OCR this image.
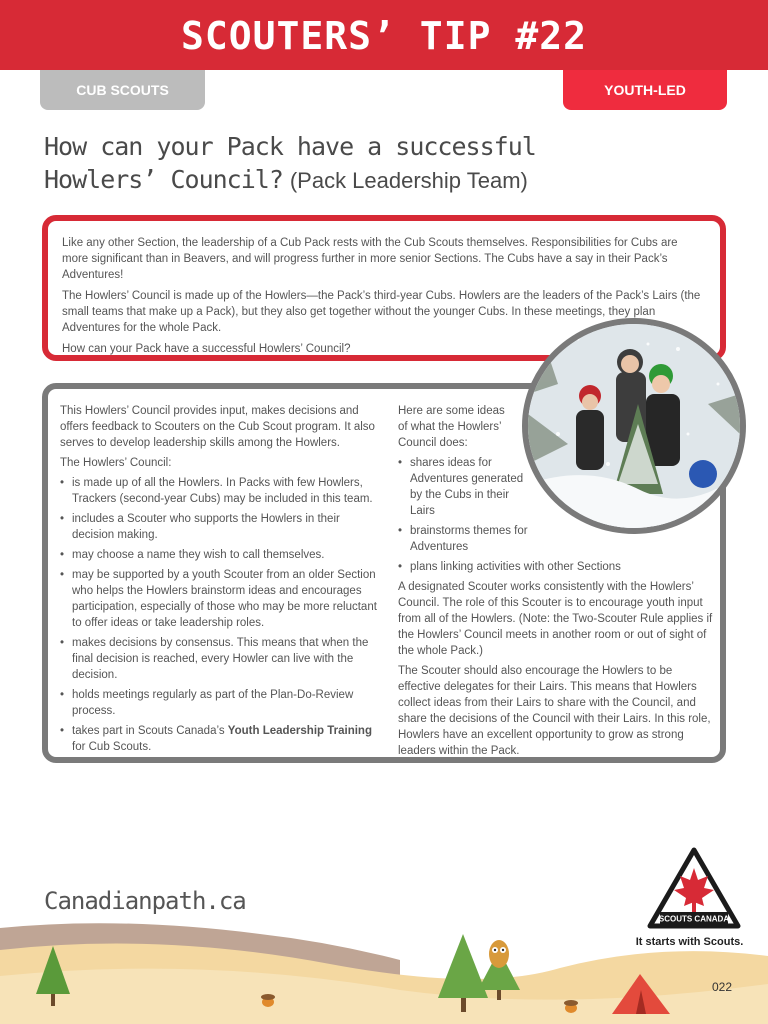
SCOUTERS’ TIP #22
CUB SCOUTS	YOUTH-LED
How can your Pack have a successful
Howlers’ Council? (Pack Leadership Team)

Like any other Section, the leadership of a Cub Pack rests with the Cub Scouts themselves. Responsibilities for Cubs are more significant than in Beavers, and will progress further in more senior Sections. The Cubs have a say in their Pack’s Adventures!

The Howlers’ Council is made up of the Howlers—the Pack’s third-year Cubs. Howlers are the leaders of the Pack’s Lairs (the small teams that make up a Pack), but they also get together without the younger Cubs. In these meetings, they plan Adventures for the whole Pack.

How can your Pack have a successful Howlers’ Council?

This Howlers’ Council provides input, makes decisions and offers feedback to Scouters on the Cub Scout program. It also serves to develop leadership skills among the Howlers.

The Howlers’ Council:

• is made up of all the Howlers. In Packs with few Howlers, Trackers (second-year Cubs) may be included in this team.
• includes a Scouter who supports the Howlers in their decision making.
• may choose a name they wish to call themselves.
• may be supported by a youth Scouter from an older Section who helps the Howlers brainstorm ideas and encourages participation, especially of those who may be more reluctant to offer ideas or take leadership roles.
• makes decisions by consensus. This means that when the final decision is reached, every Howler can live with the decision.
• holds meetings regularly as part of the Plan-Do-Review process.
• takes part in Scouts Canada’s Youth Leadership Training for Cub Scouts.

Here are some ideas of what the Howlers’ Council does:

• shares ideas for Adventures generated by the Cubs in their Lairs
• brainstorms themes for Adventures
• plans linking activities with other Sections

A designated Scouter works consistently with the Howlers’ Council. The role of this Scouter is to encourage youth input from all of the Howlers. (Note: the Two-Scouter Rule applies if the Howlers’ Council meets in another room or out of sight of the whole Pack.)

The Scouter should also encourage the Howlers to be effective delegates for their Lairs. This means that Howlers collect ideas from their Lairs to share with the Council, and share the decisions of the Council with their Lairs. In this role, Howlers have an excellent opportunity to grow as strong leaders within the Pack.

Canadianpath.ca
SCOUTS CANADA
It starts with Scouts.
022
